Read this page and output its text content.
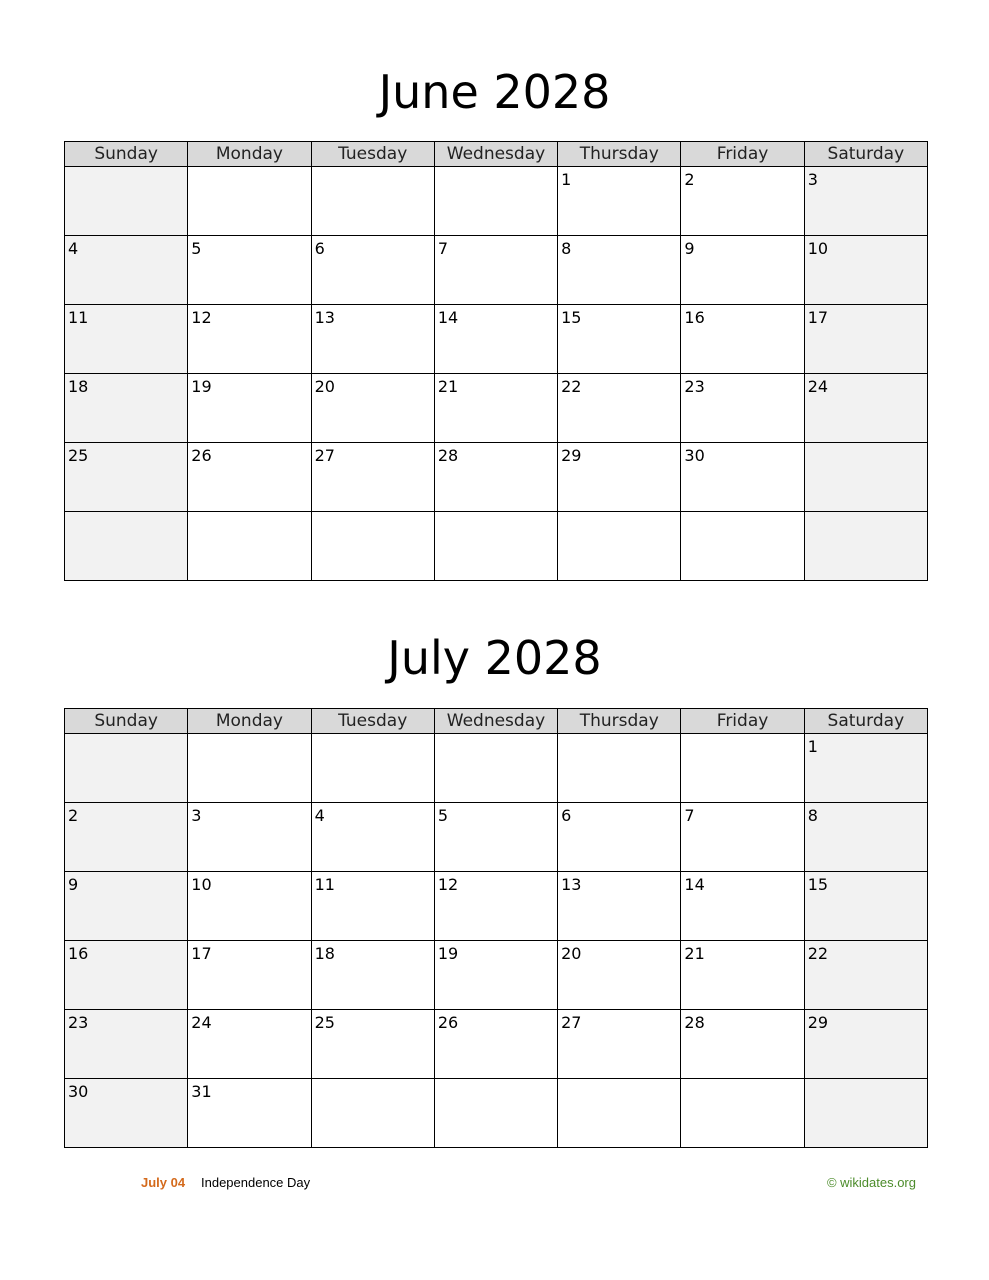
June 2028
Sunday	Monday	Tuesday	Wednesday	Thursday	Friday	Saturday

				1	2	3

4	5	6	7	8	9	10

11	12	13	14	15	16	17

18	19	20	21	22	23	24

25	26	27	28	29	30	

July 2028
Sunday	Monday	Tuesday	Wednesday	Thursday	Friday	Saturday

						1

2	3	4	5	6	7	8

9	10	11	12	13	14	15

16	17	18	19	20	21	22

23	24	25	26	27	28	29

30	31					

July 04 Independence Day	© wikidates.org
